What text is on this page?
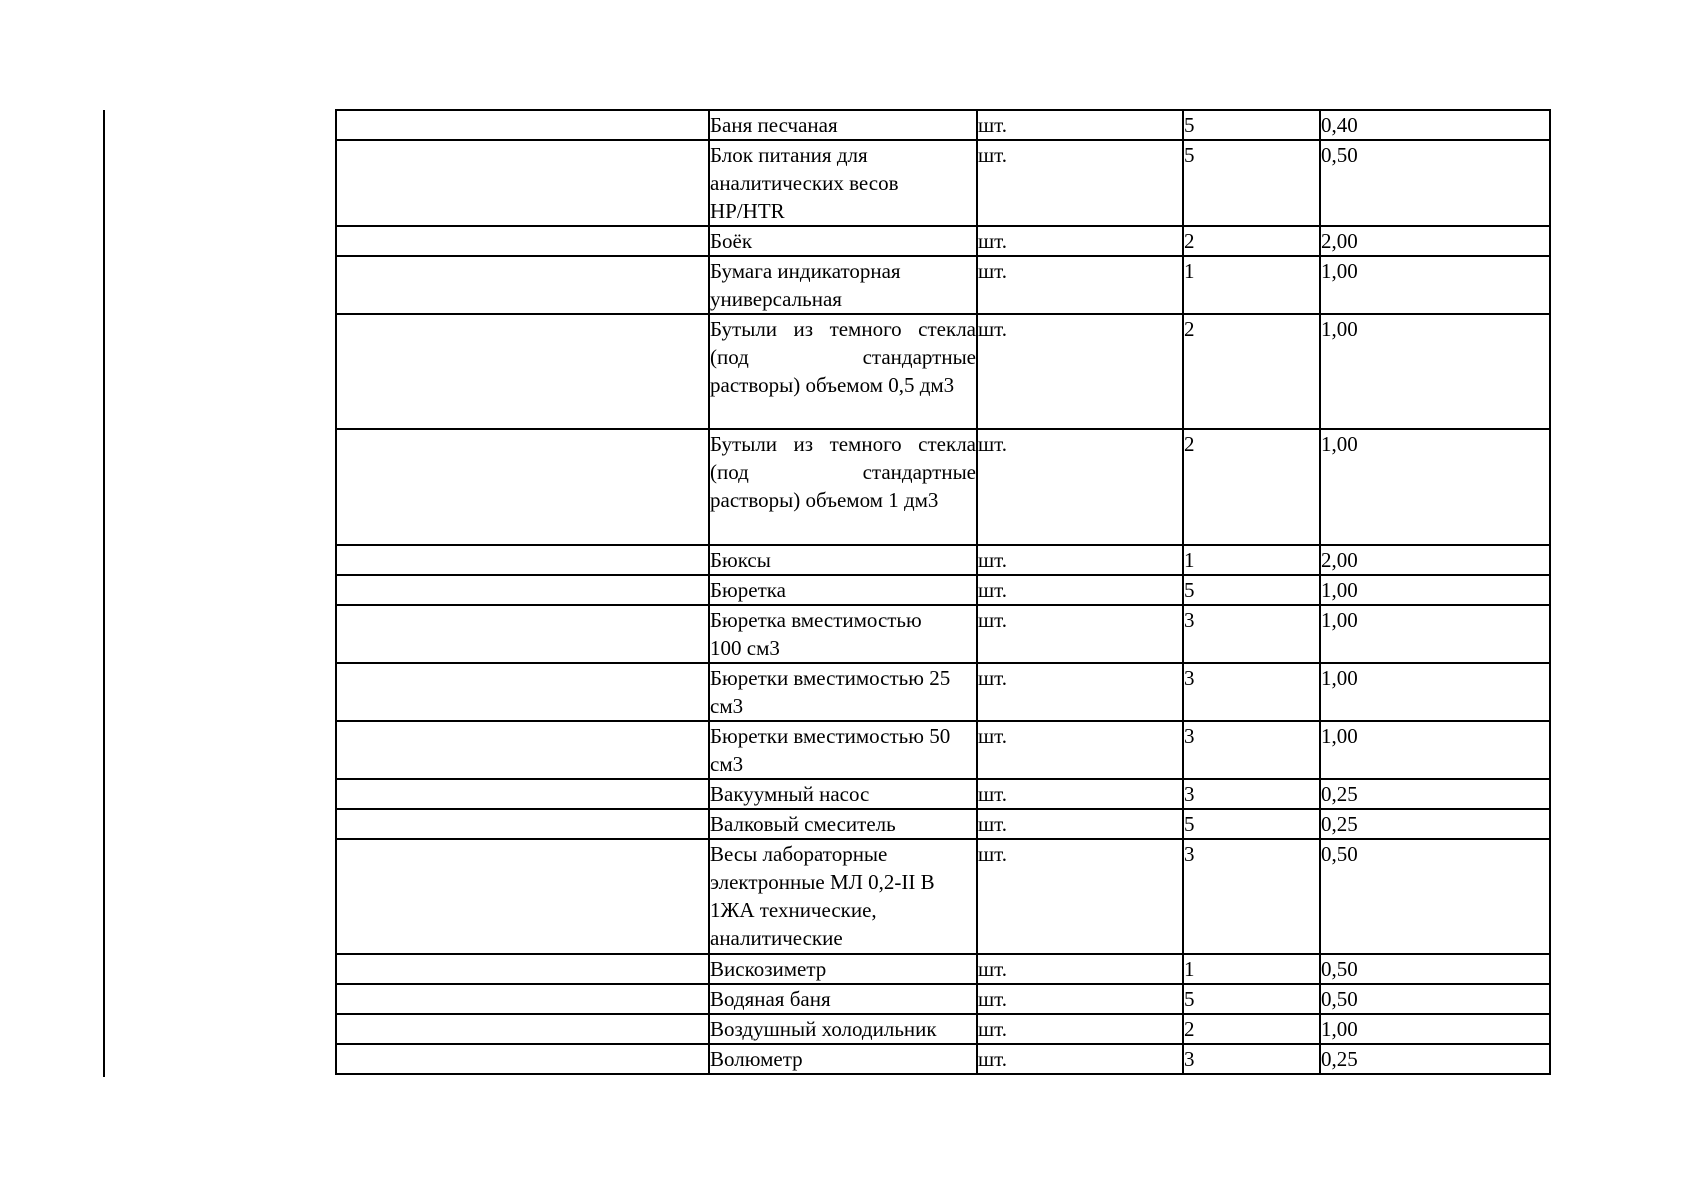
	Баня песчаная	шт.	5	0,40

	Блок питания для
аналитических весов
HP/HTR	шт.	5	0,50

	Боёк	шт.	2	2,00

	Бумага индикаторная
универсальная	шт.	1	1,00

	Бутыли из темного стекла
(под стандартные
растворы) объемом 0,5 дм3	шт.	2	1,00

	Бутыли из темного стекла
(под стандартные
растворы) объемом 1 дм3	шт.	2	1,00

	Бюксы	шт.	1	2,00

	Бюретка	шт.	5	1,00

	Бюретка вместимостью
100 см3	шт.	3	1,00

	Бюретки вместимостью 25
см3	шт.	3	1,00

	Бюретки вместимостью 50
см3	шт.	3	1,00

	Вакуумный насос	шт.	3	0,25

	Валковый смеситель	шт.	5	0,25

	Весы лабораторные
электронные МЛ 0,2-II В
1ЖА технические,
аналитические	шт.	3	0,50

	Вискозиметр	шт.	1	0,50

	Водяная баня	шт.	5	0,50

	Воздушный холодильник	шт.	2	1,00

	Волюметр	шт.	3	0,25
